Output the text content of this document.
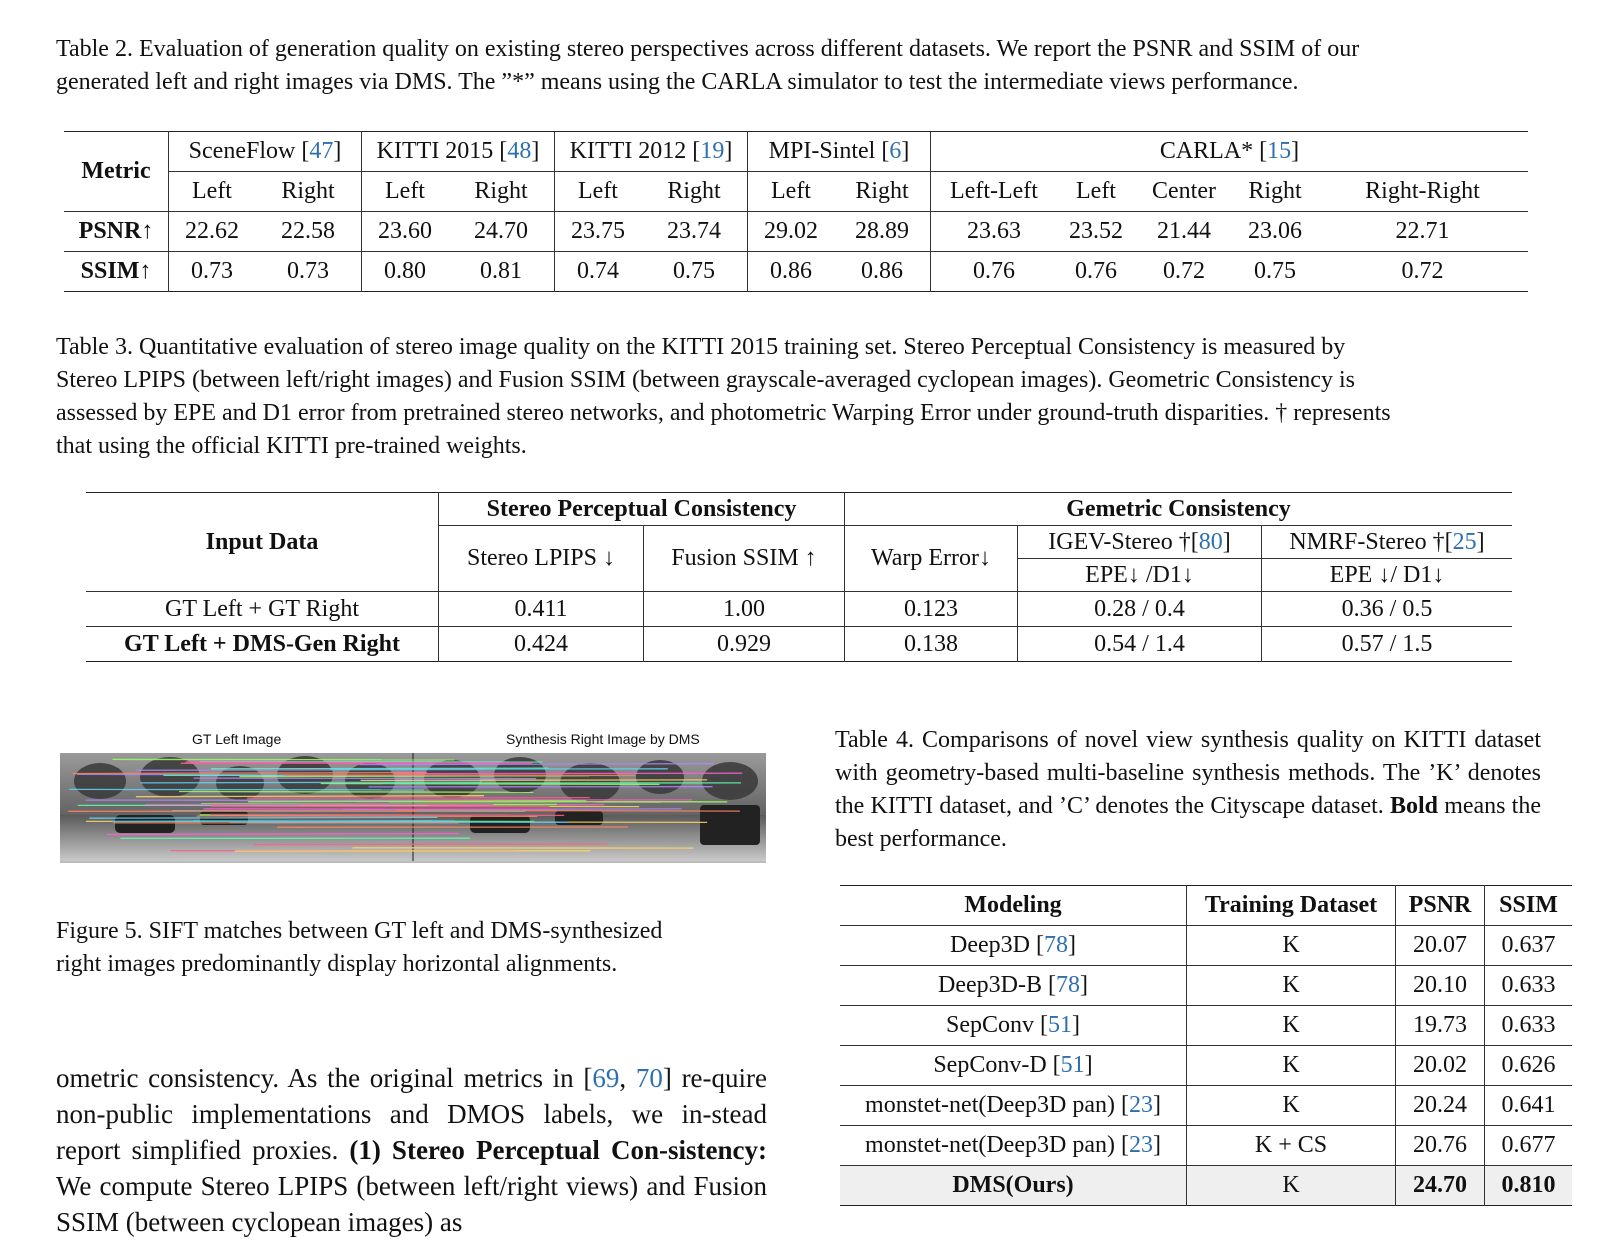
Table 2. Evaluation of generation quality on existing stereo perspectives across different datasets. We report the PSNR and SSIM of our
generated left and right images via DMS. The ”*” means using the CARLA simulator to test the intermediate views performance.

Metric	SceneFlow [47]		KITTI 2015 [48]		KITTI 2012 [19]		MPI-Sintel [6]		CARLA* [15]				
	Left	Right	Left	Right	Left	Right	Left	Right	Left-Left	Left	Center	Right	Right-Right
PSNR↑	22.62	22.58	23.60	24.70	23.75	23.74	29.02	28.89	23.63	23.52	21.44	23.06	22.71
SSIM↑	0.73	0.73	0.80	0.81	0.74	0.75	0.86	0.86	0.76	0.76	0.72	0.75	0.72

Table 3. Quantitative evaluation of stereo image quality on the KITTI 2015 training set. Stereo Perceptual Consistency is measured by
Stereo LPIPS (between left/right images) and Fusion SSIM (between grayscale-averaged cyclopean images). Geometric Consistency is
assessed by EPE and D1 error from pretrained stereo networks, and photometric Warping Error under ground-truth disparities. † represents
that using the official KITTI pre-trained weights.

Input Data	Stereo Perceptual Consistency		Gemetric Consistency		
	Stereo LPIPS ↓	Fusion SSIM ↑	Warp Error↓	IGEV-Stereo †[80]	NMRF-Stereo †[25]
				EPE↓ /D1↓	EPE ↓/ D1↓
GT Left + GT Right	0.411	1.00	0.123	0.28 / 0.4	0.36 / 0.5
GT Left + DMS-Gen Right	0.424	0.929	0.138	0.54 / 1.4	0.57 / 1.5
GT Left Image	Synthesis Right Image by DMS

Figure 5. SIFT matches between GT left and DMS-synthesized
right images predominantly display horizontal alignments.

ometric consistency. As the original metrics in [69, 70] re-quire non-public implementations and DMOS labels, we in-stead report simplified proxies. (1) Stereo Perceptual Con-sistency: We compute Stereo LPIPS (between left/right views) and Fusion SSIM (between cyclopean images) as

Table 4. Comparisons of novel view synthesis quality on KITTI dataset with geometry-based multi-baseline synthesis methods. The ’K’ denotes the KITTI dataset, and ’C’ denotes the Cityscape dataset. Bold means the best performance.

Modeling	Training Dataset	PSNR	SSIM
Deep3D [78]	K	20.07	0.637
Deep3D-B [78]	K	20.10	0.633
SepConv [51]	K	19.73	0.633
SepConv-D [51]	K	20.02	0.626
monstet-net(Deep3D pan) [23]	K	20.24	0.641
monstet-net(Deep3D pan) [23]	K + CS	20.76	0.677
DMS(Ours)	K	24.70	0.810
